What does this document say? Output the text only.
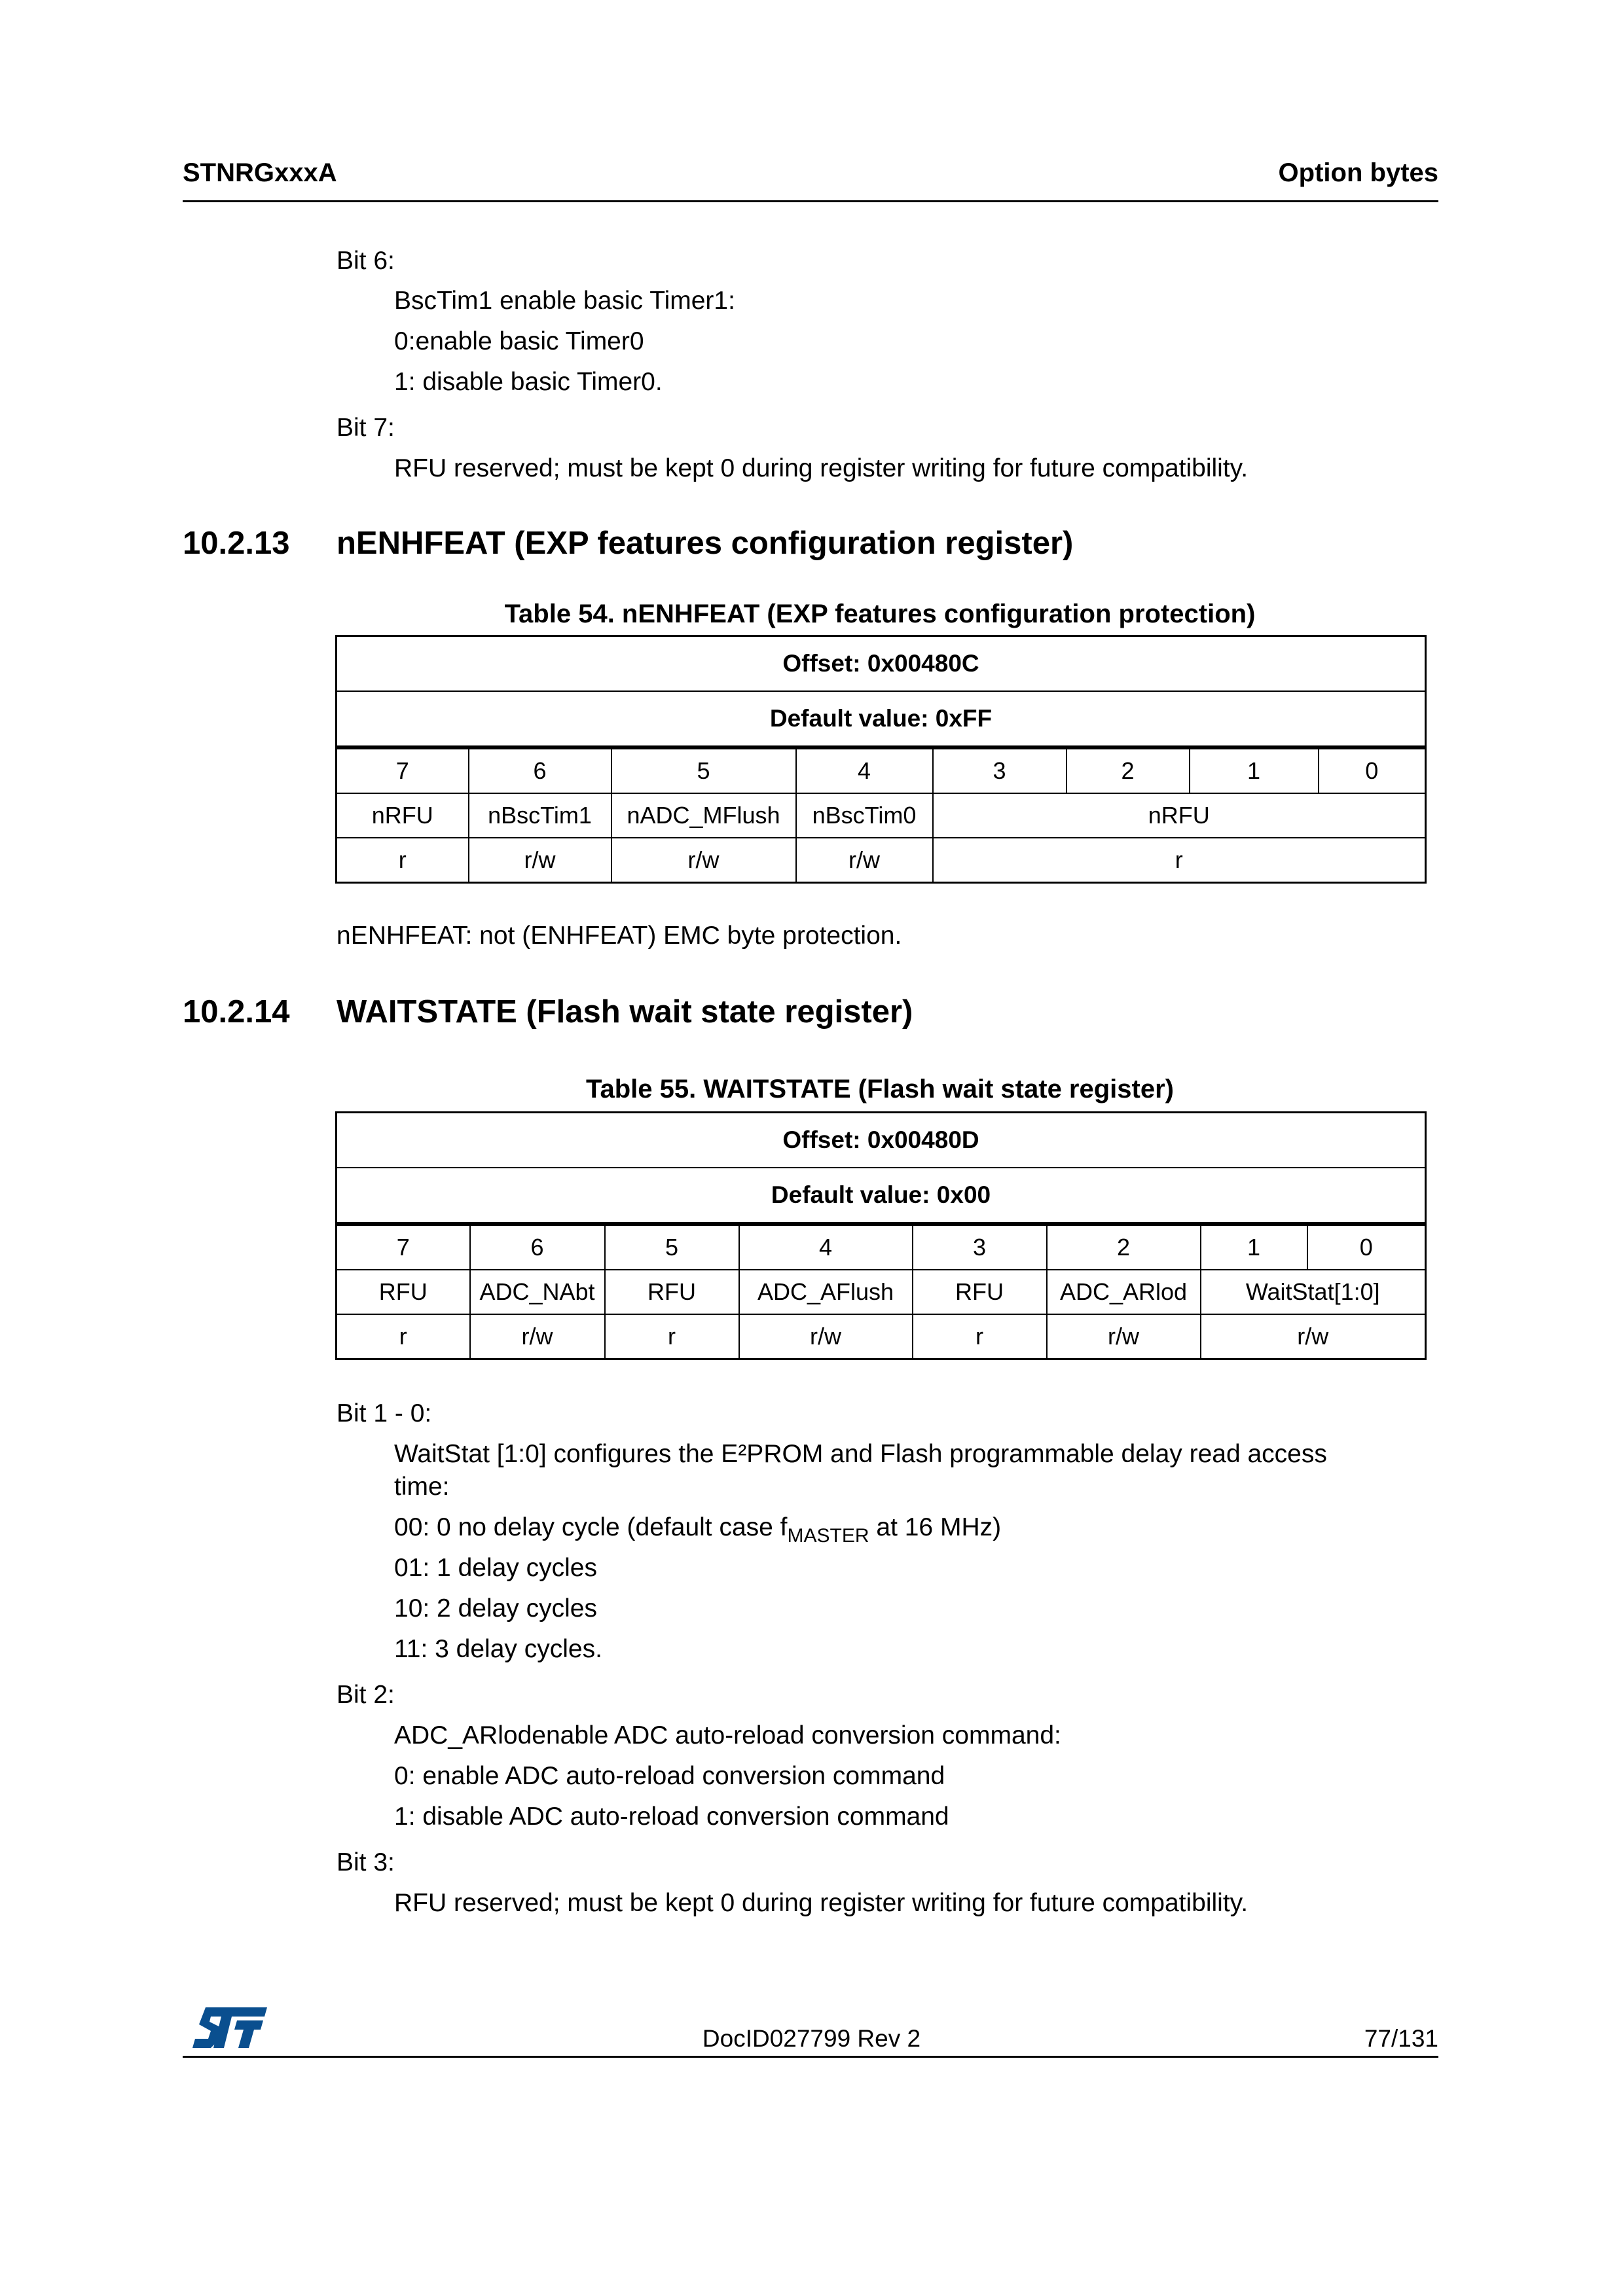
STNRGxxxA	Option bytes
Bit 6:
BscTim1 enable basic Timer1:
0:enable basic Timer0
1: disable basic Timer0.
Bit 7:
RFU reserved; must be kept 0 during register writing for future compatibility.
10.2.13 nENHFEAT (EXP features configuration register)
Table 54. nENHFEAT (EXP features configuration protection)
Offset: 0x00480C							
Default value: 0xFF							
7	6	5	4	3	2	1	0
nRFU	nBscTim1	nADC_MFlush	nBscTim0	nRFU			
r	r/w	r/w	r/w	r			
nENHFEAT: not (ENHFEAT) EMC byte protection.
10.2.14 WAITSTATE (Flash wait state register)
Table 55. WAITSTATE (Flash wait state register)
Offset: 0x00480D							
Default value: 0x00							
7	6	5	4	3	2	1	0
RFU	ADC_NAbt	RFU	ADC_AFlush	RFU	ADC_ARlod	WaitStat[1:0]	
r	r/w	r	r/w	r	r/w	r/w	
Bit 1 - 0:
WaitStat [1:0] configures the E²PROM and Flash programmable delay read access
time:
00: 0 no delay cycle (default case $f_{MASTER}$ at 16 MHz)
01: 1 delay cycles
10: 2 delay cycles
11: 3 delay cycles.
Bit 2:
ADC_ARlodenable ADC auto-reload conversion command:
0: enable ADC auto-reload conversion command
1: disable ADC auto-reload conversion command
Bit 3:
RFU reserved; must be kept 0 during register writing for future compatibility.
DocID027799 Rev 2	77/131
